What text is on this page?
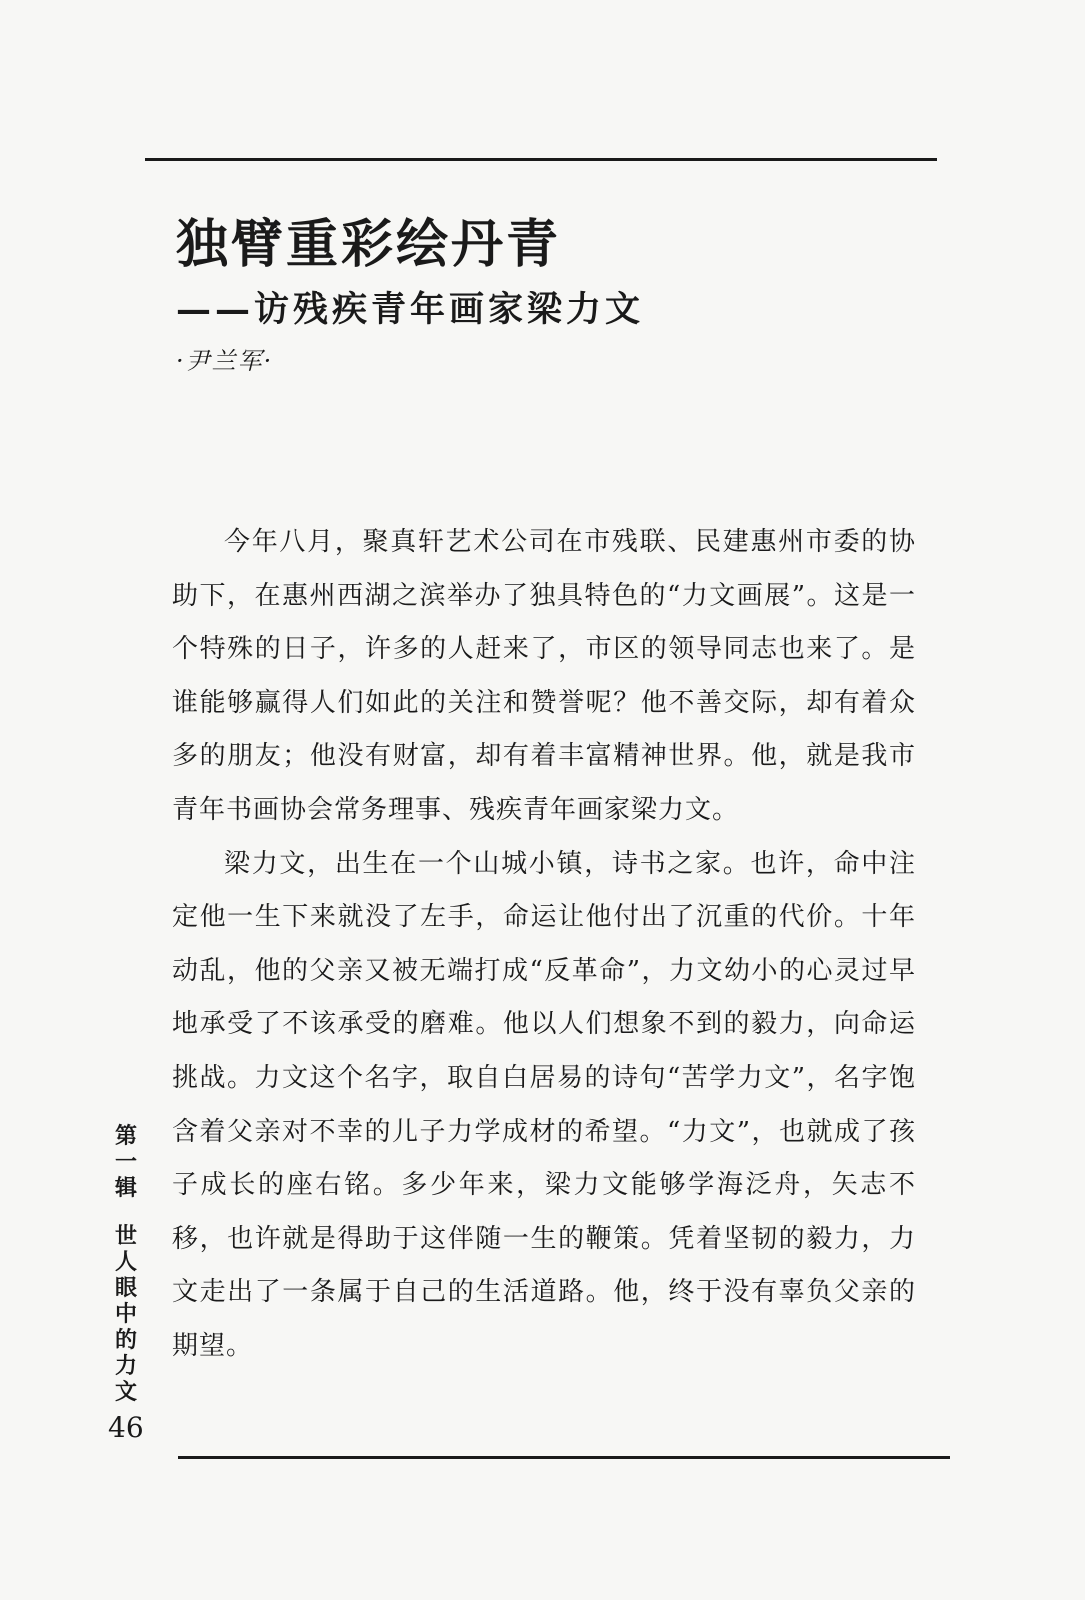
独臂重彩绘丹青
——访残疾青年画家梁力文
·尹兰军·

今年八月，聚真轩艺术公司在市残联、民建惠州市委的协助下，在惠州西湖之滨举办了独具特色的“力文画展”。这是一个特殊的日子，许多的人赶来了，市区的领导同志也来了。是谁能够赢得人们如此的关注和赞誉呢？他不善交际，却有着众多的朋友；他没有财富，却有着丰富精神世界。他，就是我市青年书画协会常务理事、残疾青年画家梁力文。

梁力文，出生在一个山城小镇，诗书之家。也许，命中注定他一生下来就没了左手，命运让他付出了沉重的代价。十年动乱，他的父亲又被无端打成“反革命”，力文幼小的心灵过早地承受了不该承受的磨难。他以人们想象不到的毅力，向命运挑战。力文这个名字，取自白居易的诗句“苦学力文”，名字饱含着父亲对不幸的儿子力学成材的希望。“力文”，也就成了孩子成长的座右铭。多少年来，梁力文能够学海泛舟，矢志不移，也许就是得助于这伴随一生的鞭策。凭着坚韧的毅力，力文走出了一条属于自己的生活道路。他，终于没有辜负父亲的期望。

第一辑
世人眼中的力文
46
